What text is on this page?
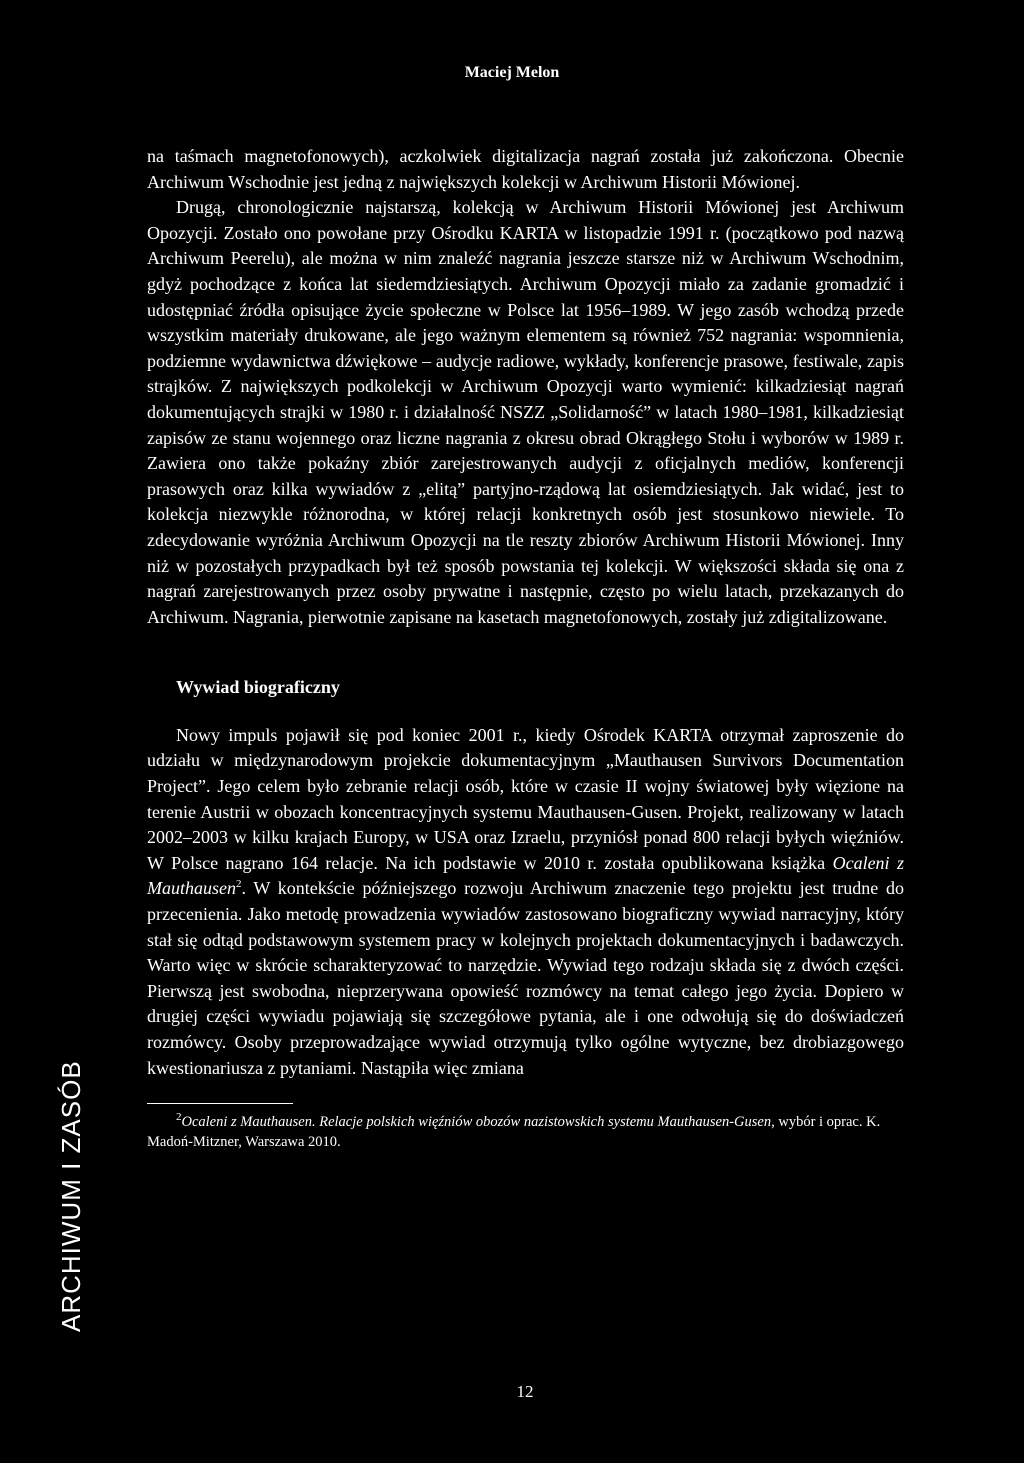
Maciej Melon

na taśmach magnetofonowych), aczkolwiek digitalizacja nagrań została już zakończona. Obecnie Archiwum Wschodnie jest jedną z największych kolekcji w Archiwum Historii Mówionej.

Drugą, chronologicznie najstarszą, kolekcją w Archiwum Historii Mówionej jest Archiwum Opozycji. Zostało ono powołane przy Ośrodku KARTA w listopadzie 1991 r. (początkowo pod nazwą Archiwum Peerelu), ale można w nim znaleźć nagrania jeszcze starsze niż w Archiwum Wschodnim, gdyż pochodzące z końca lat siedemdziesiątych. Archiwum Opozycji miało za zadanie gromadzić i udostępniać źródła opisujące życie społeczne w Polsce lat 1956–1989. W jego zasób wchodzą przede wszystkim materiały drukowane, ale jego ważnym elementem są również 752 nagrania: wspomnienia, podziemne wydawnictwa dźwiękowe – audycje radiowe, wykłady, konferencje prasowe, festiwale, zapis strajków. Z największych podkolekcji w Archiwum Opozycji warto wymienić: kilkadziesiąt nagrań dokumentujących strajki w 1980 r. i działalność NSZZ „Solidarność” w latach 1980–1981, kilkadziesiąt zapisów ze stanu wojennego oraz liczne nagrania z okresu obrad Okrągłego Stołu i wyborów w 1989 r. Zawiera ono także pokaźny zbiór zarejestrowanych audycji z oficjalnych mediów, konferencji prasowych oraz kilka wywiadów z „elitą” partyjno-rządową lat osiemdziesiątych. Jak widać, jest to kolekcja niezwykle różnorodna, w której relacji konkretnych osób jest stosunkowo niewiele. To zdecydowanie wyróżnia Archiwum Opozycji na tle reszty zbiorów Archiwum Historii Mówionej. Inny niż w pozostałych przypadkach był też sposób powstania tej kolekcji. W większości składa się ona z nagrań zarejestrowanych przez osoby prywatne i następnie, często po wielu latach, przekazanych do Archiwum. Nagrania, pierwotnie zapisane na kasetach magnetofonowych, zostały już zdigitalizowane.

Wywiad biograficzny

Nowy impuls pojawił się pod koniec 2001 r., kiedy Ośrodek KARTA otrzymał zaproszenie do udziału w międzynarodowym projekcie dokumentacyjnym „Mauthausen Survivors Documentation Project”. Jego celem było zebranie relacji osób, które w czasie II wojny światowej były więzione na terenie Austrii w obozach koncentracyjnych systemu Mauthausen-Gusen. Projekt, realizowany w latach 2002–2003 w kilku krajach Europy, w USA oraz Izraelu, przyniósł ponad 800 relacji byłych więźniów. W Polsce nagrano 164 relacje. Na ich podstawie w 2010 r. została opublikowana książka Ocaleni z Mauthausen$^2$. W kontekście późniejszego rozwoju Archiwum znaczenie tego projektu jest trudne do przecenienia. Jako metodę prowadzenia wywiadów zastosowano biograficzny wywiad narracyjny, który stał się odtąd podstawowym systemem pracy w kolejnych projektach dokumentacyjnych i badawczych. Warto więc w skrócie scharakteryzować to narzędzie. Wywiad tego rodzaju składa się z dwóch części. Pierwszą jest swobodna, nieprzerywana opowieść rozmówcy na temat całego jego życia. Dopiero w drugiej części wywiadu pojawiają się szczegółowe pytania, ale i one odwołują się do doświadczeń rozmówcy. Osoby przeprowadzające wywiad otrzymują tylko ogólne wytyczne, bez drobiazgowego kwestionariusza z pytaniami. Nastąpiła więc zmiana

$^2$Ocaleni z Mauthausen. Relacje polskich więźniów obozów nazistowskich systemu Mauthausen-Gusen, wybór i oprac. K. Madoń-Mitzner, Warszawa 2010.
ARCHIWUM I ZASÓB
12
